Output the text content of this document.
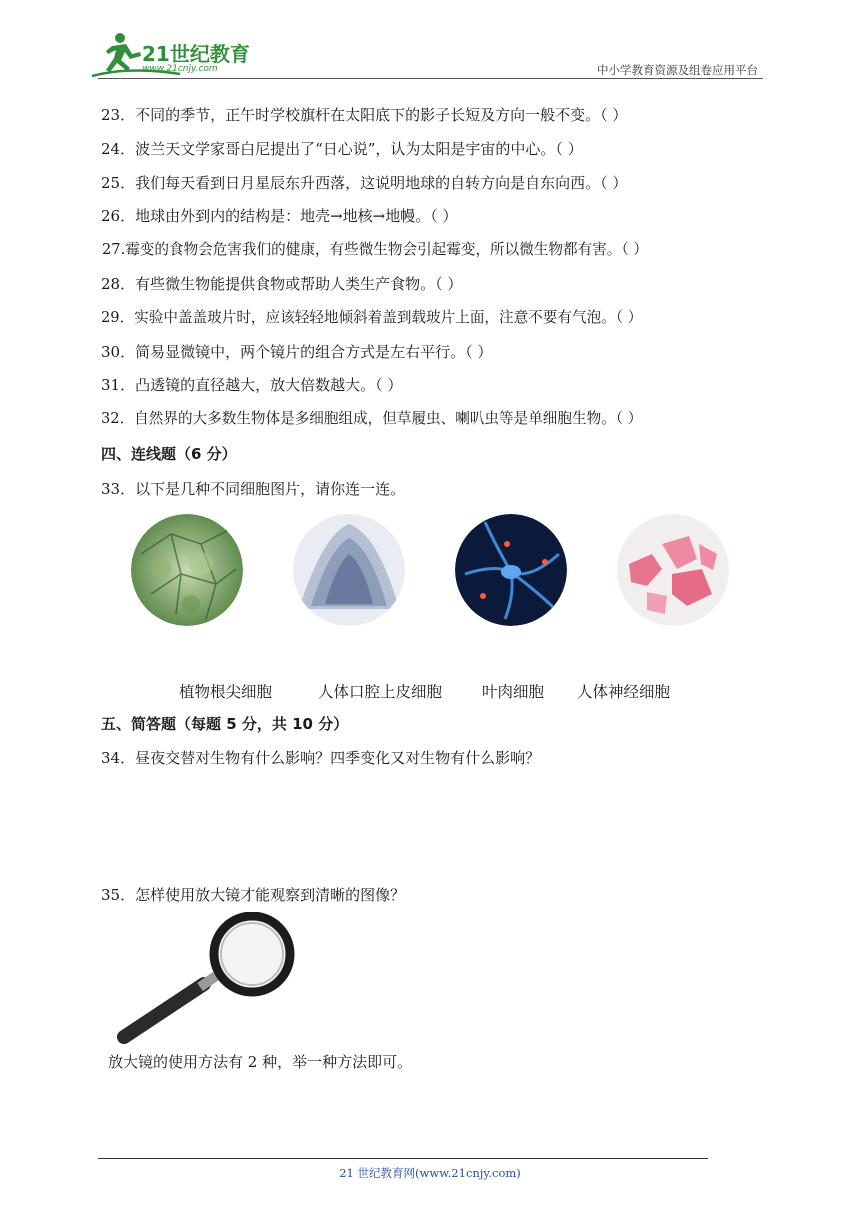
21世纪教育
www.21cnjy.com	中小学教育资源及组卷应用平台
23．不同的季节，正午时学校旗杆在太阳底下的影子长短及方向一般不变。（ ）
24．波兰天文学家哥白尼提出了“日心说”，认为太阳是宇宙的中心。（ ）
25．我们每天看到日月星辰东升西落，这说明地球的自转方向是自东向西。（ ）
26．地球由外到内的结构是：地壳→地核→地幔。（ ）
27.霉变的食物会危害我们的健康，有些微生物会引起霉变，所以微生物都有害。（ ）
28．有些微生物能提供食物或帮助人类生产食物。（ ）
29．实验中盖盖玻片时，应该轻轻地倾斜着盖到载玻片上面，注意不要有气泡。（ ）
30．简易显微镜中，两个镜片的组合方式是左右平行。（ ）
31．凸透镜的直径越大，放大倍数越大。（ ）
32．自然界的大多数生物体是多细胞组成，但草履虫、喇叭虫等是单细胞生物。（ ）
四、连线题（6 分）
33．以下是几种不同细胞图片，请你连一连。
植物根尖细胞	人体口腔上皮细胞	叶肉细胞 人体神经细胞
五、简答题（每题 5 分，共 10 分）
34．昼夜交替对生物有什么影响？四季变化又对生物有什么影响？
35．怎样使用放大镜才能观察到清晰的图像？
放大镜的使用方法有 2 种，举一种方法即可。
21 世纪教育网(www.21cnjy.com)
